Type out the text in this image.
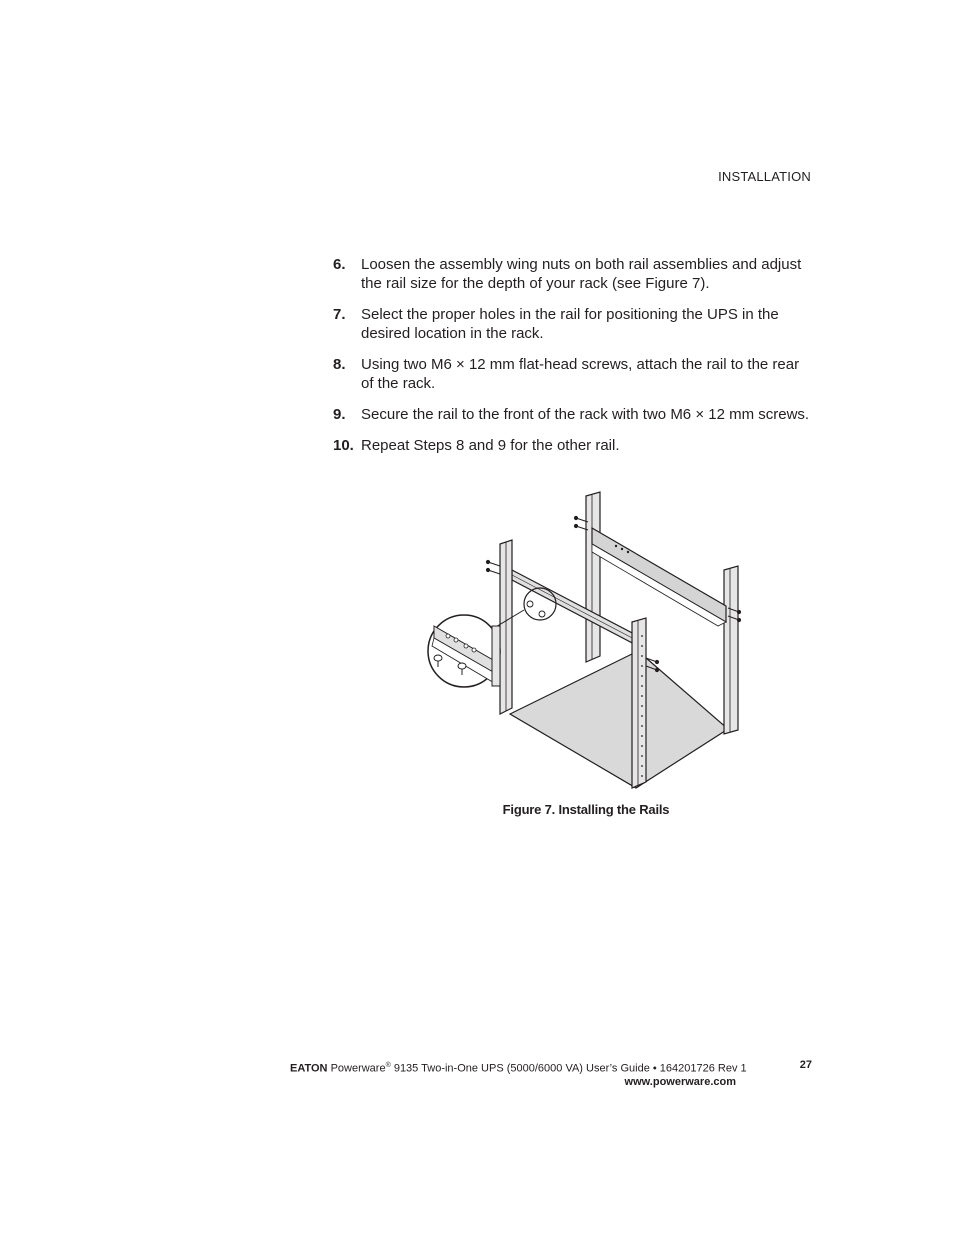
INSTALLATION
6. Loosen the assembly wing nuts on both rail assemblies and adjust the rail size for the depth of your rack (see Figure 7).
7. Select the proper holes in the rail for positioning the UPS in the desired location in the rack.
8. Using two M6 × 12 mm flat-head screws, attach the rail to the rear of the rack.
9. Secure the rail to the front of the rack with two M6 × 12 mm screws.
10. Repeat Steps 8 and 9 for the other rail.
Figure 7. Installing the Rails
EATON Powerware® 9135 Two-in-One UPS (5000/6000 VA) User’s Guide • 164201726 Rev 1	27
www.powerware.com
